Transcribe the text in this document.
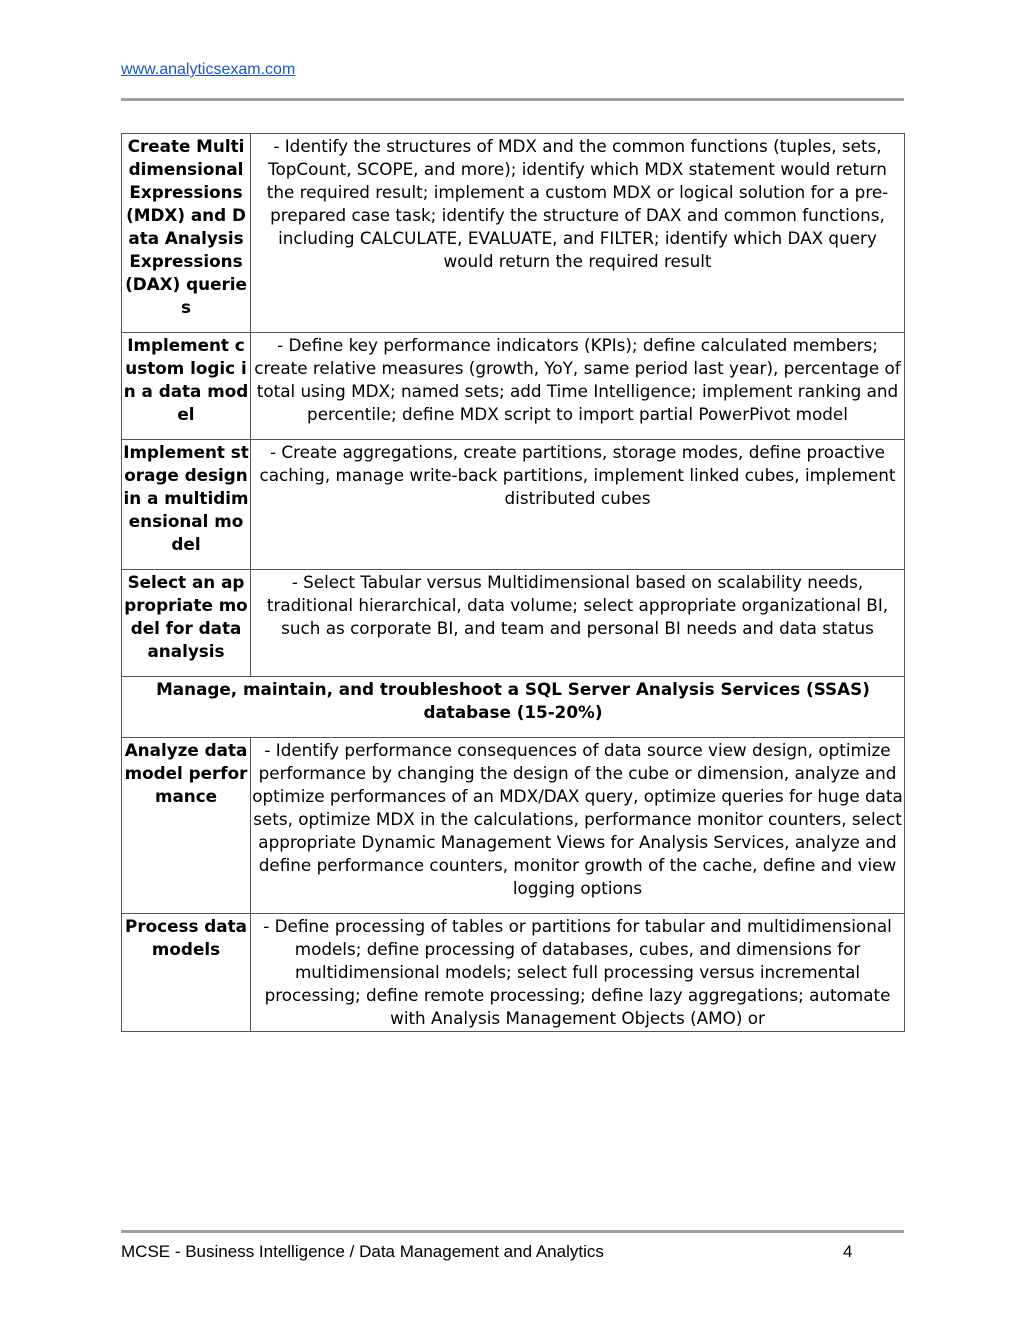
www.analyticsexam.com
Create Multidimensional Expressions (MDX) and Data Analysis Expressions (DAX) queries	- Identify the structures of MDX and the common functions (tuples, sets, TopCount, SCOPE, and more); identify which MDX statement would return the required result; implement a custom MDX or logical solution for a pre-prepared case task; identify the structure of DAX and common functions, including CALCULATE, EVALUATE, and FILTER; identify which DAX query would return the required result
Implement custom logic in a data model	- Define key performance indicators (KPIs); define calculated members; create relative measures (growth, YoY, same period last year), percentage of total using MDX; named sets; add Time Intelligence; implement ranking and percentile; define MDX script to import partial PowerPivot model
Implement storage design in a multidimensional model	- Create aggregations, create partitions, storage modes, define proactive caching, manage write-back partitions, implement linked cubes, implement distributed cubes
Select an appropriate model for data analysis	- Select Tabular versus Multidimensional based on scalability needs, traditional hierarchical, data volume; select appropriate organizational BI, such as corporate BI, and team and personal BI needs and data status
Manage, maintain, and troubleshoot a SQL Server Analysis Services (SSAS) database (15-20%)	
Analyze data model performance	- Identify performance consequences of data source view design, optimize performance by changing the design of the cube or dimension, analyze and optimize performances of an MDX/DAX query, optimize queries for huge data sets, optimize MDX in the calculations, performance monitor counters, select appropriate Dynamic Management Views for Analysis Services, analyze and define performance counters, monitor growth of the cache, define and view logging options
Process data models	- Define processing of tables or partitions for tabular and multidimensional models; define processing of databases, cubes, and dimensions for multidimensional models; select full processing versus incremental processing; define remote processing; define lazy aggregations; automate with Analysis Management Objects (AMO) or
MCSE - Business Intelligence / Data Management and Analytics	4
